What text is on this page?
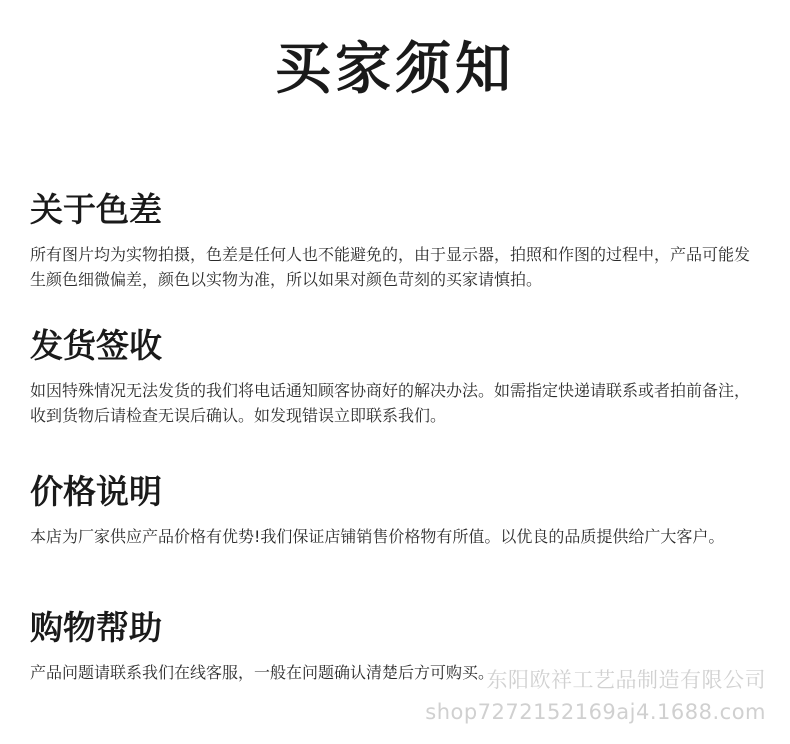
买家须知
关于色差

所有图片均为实物拍摄，色差是任何人也不能避免的，由于显示器，拍照和作图的过程中，产品可能发生颜色细微偏差，颜色以实物为准，所以如果对颜色苛刻的买家请慎拍。

发货签收

如因特殊情况无法发货的我们将电话通知顾客协商好的解决办法。如需指定快递请联系或者拍前备注，收到货物后请检查无误后确认。如发现错误立即联系我们。

价格说明

本店为厂家供应产品价格有优势!我们保证店铺销售价格物有所值。以优良的品质提供给广大客户。

购物帮助

产品问题请联系我们在线客服，一般在问题确认清楚后方可购买。

东阳欧祥工艺品制造有限公司
shop7272152169aj4.1688.com
